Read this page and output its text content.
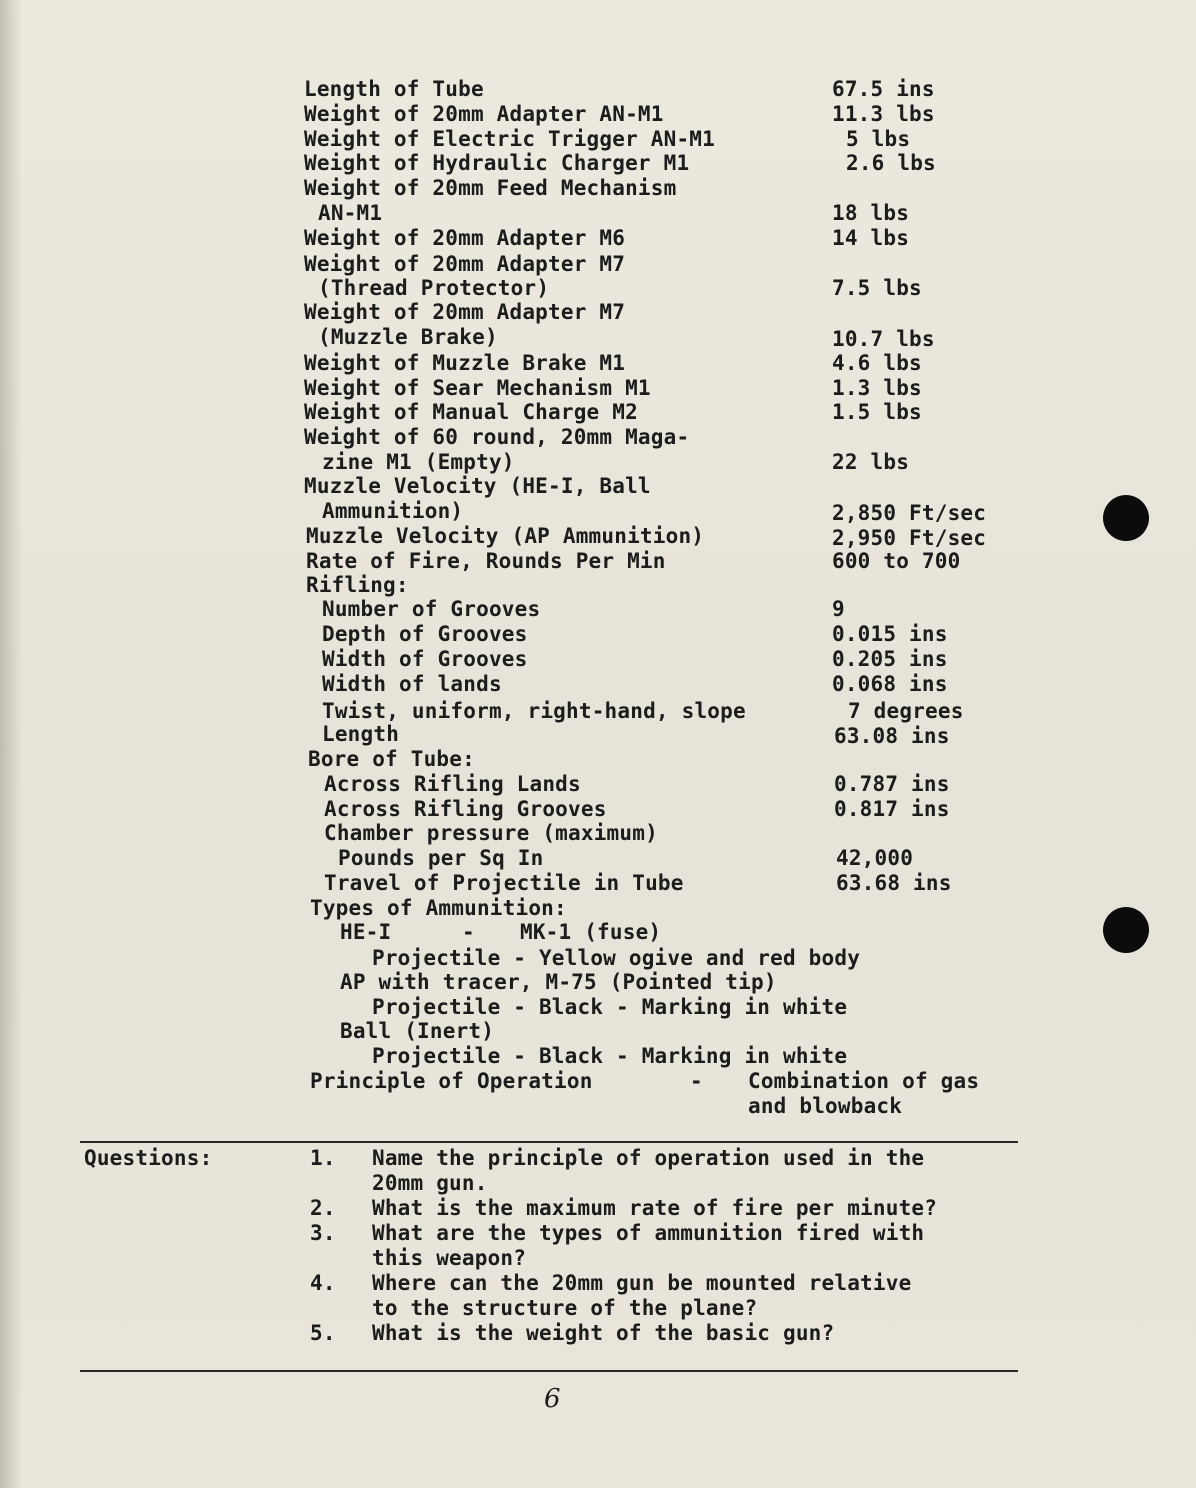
Length of Tube	67.5 ins
Weight of 20mm Adapter AN-M1	11.3 lbs
Weight of Electric Trigger AN-M1	5 lbs
Weight of Hydraulic Charger M1	2.6 lbs
Weight of 20mm Feed Mechanism
AN-M1	18 lbs
Weight of 20mm Adapter M6	14 lbs
Weight of 20mm Adapter M7
(Thread Protector)	7.5 lbs
Weight of 20mm Adapter M7
(Muzzle Brake)	10.7 lbs
Weight of Muzzle Brake M1	4.6 lbs
Weight of Sear Mechanism M1	1.3 lbs
Weight of Manual Charge M2	1.5 lbs
Weight of 60 round, 20mm Maga-
zine M1 (Empty)	22 lbs
Muzzle Velocity (HE-I, Ball
Ammunition)	2,850 Ft/sec
Muzzle Velocity (AP Ammunition)	2,950 Ft/sec
Rate of Fire, Rounds Per Min	600 to 700
Rifling:
Number of Grooves	9
Depth of Grooves	0.015 ins
Width of Grooves	0.205 ins
Width of lands	0.068 ins
Twist, uniform, right-hand, slope	7 degrees
Length	63.08 ins
Bore of Tube:
Across Rifling Lands	0.787 ins
Across Rifling Grooves	0.817 ins
Chamber pressure (maximum)
Pounds per Sq In	42,000
Travel of Projectile in Tube	63.68 ins
Types of Ammunition:
HE-I	- MK-1 (fuse)
Projectile - Yellow ogive and red body
AP with tracer, M-75 (Pointed tip)
Projectile - Black - Marking in white
Ball (Inert)
Projectile - Black - Marking in white
Principle of Operation	- Combination of gas
and blowback
Questions:	1. Name the principle of operation used in the
20mm gun.
2. What is the maximum rate of fire per minute?
3. What are the types of ammunition fired with
this weapon?
4. Where can the 20mm gun be mounted relative
to the structure of the plane?
5. What is the weight of the basic gun?
6
